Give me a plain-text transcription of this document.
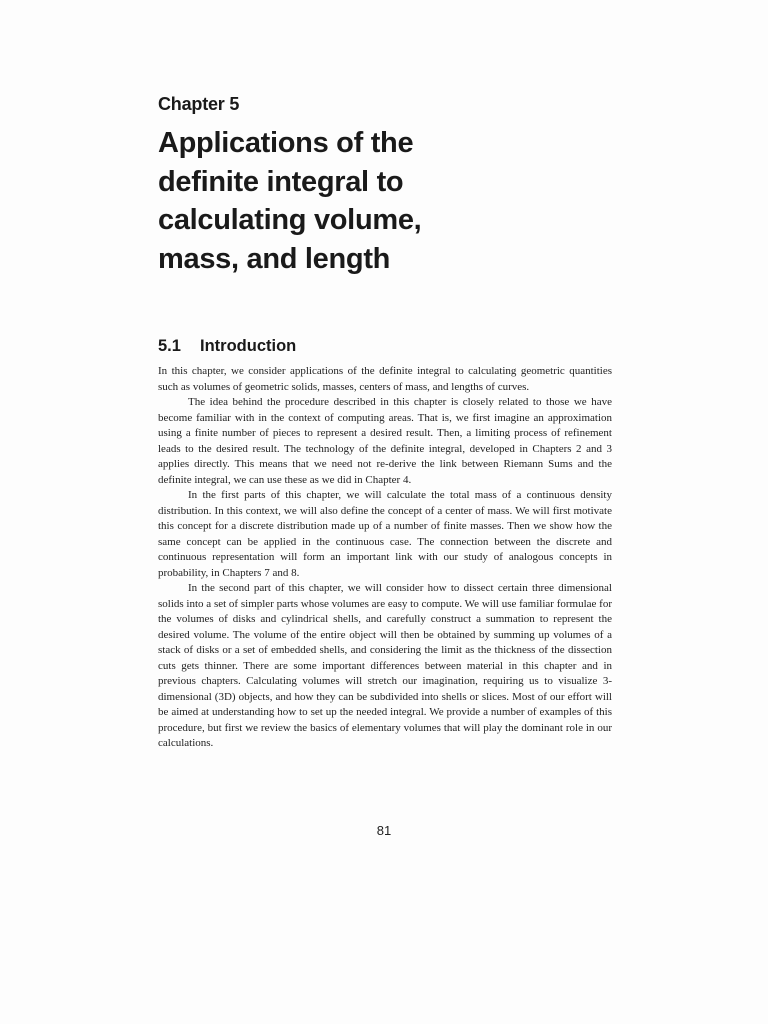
Chapter 5
Applications of the definite integral to calculating volume, mass, and length
5.1 Introduction

In this chapter, we consider applications of the definite integral to calculating geometric quantities such as volumes of geometric solids, masses, centers of mass, and lengths of curves.

The idea behind the procedure described in this chapter is closely related to those we have become familiar with in the context of computing areas. That is, we first imagine an approximation using a finite number of pieces to represent a desired result. Then, a limiting process of refinement leads to the desired result. The technology of the definite integral, developed in Chapters 2 and 3 applies directly. This means that we need not re-derive the link between Riemann Sums and the definite integral, we can use these as we did in Chapter 4.

In the first parts of this chapter, we will calculate the total mass of a continuous density distribution. In this context, we will also define the concept of a center of mass. We will first motivate this concept for a discrete distribution made up of a number of finite masses. Then we show how the same concept can be applied in the continuous case. The connection between the discrete and continuous representation will form an important link with our study of analogous concepts in probability, in Chapters 7 and 8.

In the second part of this chapter, we will consider how to dissect certain three dimensional solids into a set of simpler parts whose volumes are easy to compute. We will use familiar formulae for the volumes of disks and cylindrical shells, and carefully construct a summation to represent the desired volume. The volume of the entire object will then be obtained by summing up volumes of a stack of disks or a set of embedded shells, and considering the limit as the thickness of the dissection cuts gets thinner. There are some important differences between material in this chapter and in previous chapters. Calculating volumes will stretch our imagination, requiring us to visualize 3-dimensional (3D) objects, and how they can be subdivided into shells or slices. Most of our effort will be aimed at understanding how to set up the needed integral. We provide a number of examples of this procedure, but first we review the basics of elementary volumes that will play the dominant role in our calculations.

81
